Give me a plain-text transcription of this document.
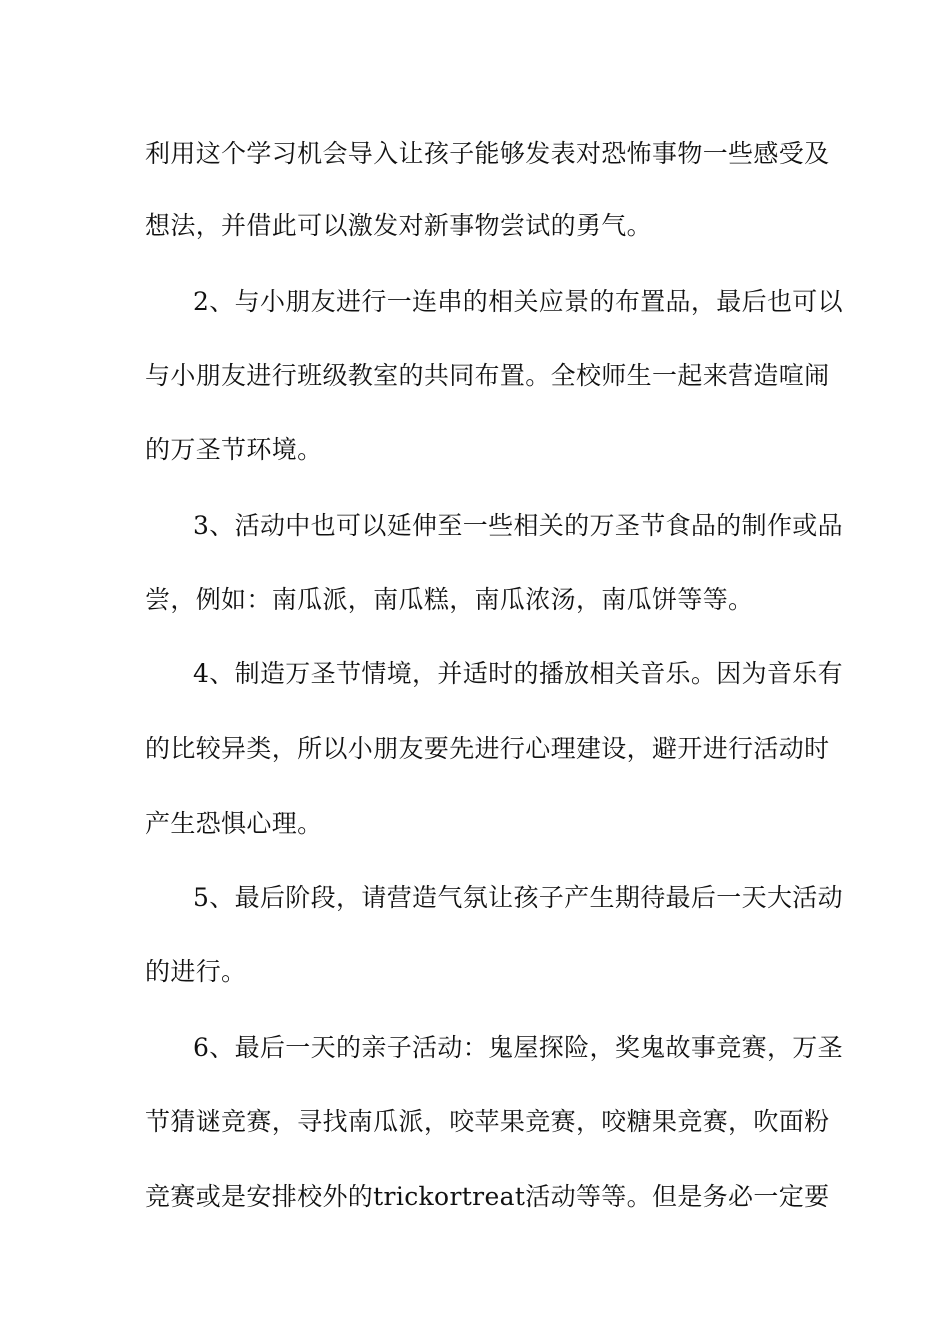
利用这个学习机会导入让孩子能够发表对恐怖事物一些感受及
想法，并借此可以激发对新事物尝试的勇气。
2、与小朋友进行一连串的相关应景的布置品，最后也可以
与小朋友进行班级教室的共同布置。全校师生一起来营造喧闹
的万圣节环境。
3、活动中也可以延伸至一些相关的万圣节食品的制作或品
尝，例如：南瓜派，南瓜糕，南瓜浓汤，南瓜饼等等。
4、制造万圣节情境，并适时的播放相关音乐。因为音乐有
的比较异类，所以小朋友要先进行心理建设，避开进行活动时
产生恐惧心理。
5、最后阶段，请营造气氛让孩子产生期待最后一天大活动
的进行。
6、最后一天的亲子活动：鬼屋探险，奖鬼故事竞赛，万圣
节猜谜竞赛，寻找南瓜派，咬苹果竞赛，咬糖果竞赛，吹面粉
竞赛或是安排校外的trickortreat活动等等。但是务必一定要
